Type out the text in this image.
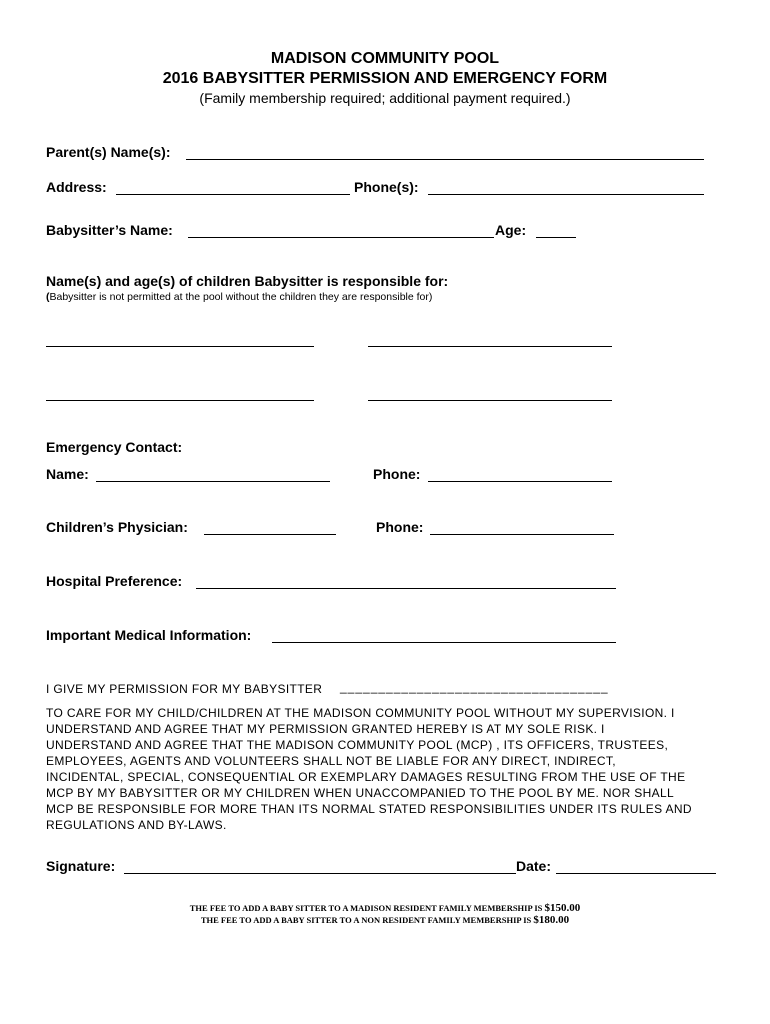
MADISON COMMUNITY POOL
2016 BABYSITTER PERMISSION AND EMERGENCY FORM
(Family membership required; additional payment required.)
Parent(s) Name(s):
Address:	Phone(s):
Babysitter’s Name:	Age:
Name(s) and age(s) of children Babysitter is responsible for:
(Babysitter is not permitted at the pool without the children they are responsible for)
Emergency Contact:
Name:	Phone:
Children’s Physician:	Phone:
Hospital Preference:
Important Medical Information:
I GIVE MY PERMISSION FOR MY BABYSITTER ___________________________________
TO CARE FOR MY CHILD/CHILDREN AT THE MADISON COMMUNITY POOL WITHOUT MY SUPERVISION. I
UNDERSTAND AND AGREE THAT MY PERMISSION GRANTED HEREBY IS AT MY SOLE RISK. I
UNDERSTAND AND AGREE THAT THE MADISON COMMUNITY POOL (MCP) , ITS OFFICERS, TRUSTEES,
EMPLOYEES, AGENTS AND VOLUNTEERS SHALL NOT BE LIABLE FOR ANY DIRECT, INDIRECT,
INCIDENTAL, SPECIAL, CONSEQUENTIAL OR EXEMPLARY DAMAGES RESULTING FROM THE USE OF THE
MCP BY MY BABYSITTER OR MY CHILDREN WHEN UNACCOMPANIED TO THE POOL BY ME. NOR SHALL
MCP BE RESPONSIBLE FOR MORE THAN ITS NORMAL STATED RESPONSIBILITIES UNDER ITS RULES AND
REGULATIONS AND BY-LAWS.
Signature:	Date:
THE FEE TO ADD A BABY SITTER TO A MADISON RESIDENT FAMILY MEMBERSHIP IS $150.00
THE FEE TO ADD A BABY SITTER TO A NON RESIDENT FAMILY MEMBERSHIP IS $180.00
